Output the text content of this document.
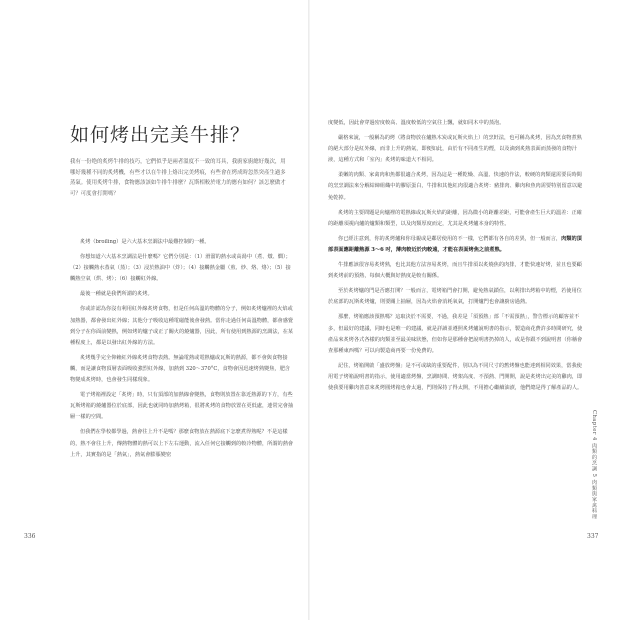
如何烤出完美牛排？
我有一份绝的炙烤牛排的技巧，它們似乎是兩者溫度不一致的耳具，我廚家廚總好幾次，用哪好幾種不同的炙烤機，有些才以在牛排上烙出完美烤痕，有些會在烤成時忽然突產生過多蒸氣。使用炙烤牛排，食物應該該如牛排牛排麼？瓦斯相較於電力的應有如何？該怎麼做才可？可度會打開嗎？

炙烤（broiling）是六大基本烹調法中最難控制的一種。

你想知道六大基本烹調法是什麼嗎？它們分別是：（1）滑溜的熱水或高湯中（煮、燉、燜）；（2）接觸熱水蒸氣（蒸）；（3）浸於熱油中（炸）；（4）接觸熱金屬（煎、炒、烙、烙）；（5）接觸熱空氣（烘、烤）；（6）接觸紅外線。

最後一種就是我們所謂的炙烤。

你或許認為你沒有利用紅外線炙烤食物，但是任何高溫的物體的分子，例如炙烤爐裡的火焰或加熱器，都會發出紅外線；其他分子吸收這種電磁能後會發熱。當你走過任何高溫物體，都會感覺到分子在你面前變熱，例如烤的爐子或正了關火的燒爐器，因此，所有使用到熱源的烹調法，在某種程度上，都是以發出紅外線的方法。

炙烤幾乎完全仰賴紅外線炙烤食物表熱。無論電熱或電熱爐或瓦斯的熱源，都不會與食物接觸，而是讓食物頂層表面吸收強烈紅外線，加熱到 320～370°C，食物會因迅速烤熟變焦，肥含物變成炙烤時，也會發生同樣現象。

電子烤箱裡設定「炙烤」時，只有頂部的加熱線會變熱，食物則放置在靠近熱源的下方，有些瓦斯烤箱的燒爐器位於底部，因此也就同時加熱烤箱，很將炙烤的食物放置在更低處，連常完會抽屜一樣的空間。

但我們在學校都學過，熱會往上升不是嗎？那麼食物放在熱源底下怎麼煮得熟呢？不是這樣的，熱不會往上升，傳熱物體的熱可以上下左右運動，流入任何它接觸到的較冷物體，所謂的熱會上升，其實指的是「熱氣」，熱氣會膨脹變密

336

度變低，因此會穿過密度較高、溫度較低的空氣往上飄，就如同木中的蒸泡。

嚴格來說，一般稱為的烤（將食物放在爐熱木炭或瓦斯火焰上）的烹飪法，也可稱為炙烤，因為烹食物煮熟的絕大部分是紅外線，而非上升的熱氣，即便如此，由於有不同產生的煙，以及滴到炙熱表面而蒸發的食物汁液，這種方式和「室內」炙烤的味道大不相同。

柔嫩的肉類、家禽肉和魚都很適合炙烤，因為這是一種乾燥、高溫、快速的作法，較硬的肉類還需要長時間的烹烹調法來分解結締組織中的膠原蛋白，牛排和其他紅肉很適合炙烤：豬排肉、雞肉和魚肉需要特別留意以避免乾掉。

炙烤的主要問題是向爐裡的電熱線或瓦斯火焰的距離，因為微小的距離差距，可能會產生巨大的溫差：正確的距離須視向爐的爐類和類型，以及肉類厚度而定，尤其是炙烤爐本身的特性。

你已經注意到，你的炙烤爐和你母親或是鄰居使用的不一樣，它們都有各自的差異，但一般而言，肉類的頂部表面應距離熱源 3～6 吋，薄肉較近於肉較遠，才能在表面烤焦之前煮熟。

牛排應該很容易炙烤熟，也比其他方法容易炙烤，而且牛排須以炙燒焦的肉排，才能快速好烤，並且也要顧到炙烤前的預熱，每個大概與好熱度是較有關係。

至於炙烤爐的門是否應打開？一般而言，電烤箱門會打開，避免熱氣鎖住，以利排出烤箱中的煙，若使用位於底部的瓦斯炙烤爐，則要關上抽屜，因為火焰會消耗氧氣，打開爐門也會讓廚房過熱。

那麼，烤箱應該預熱嗎？這取決於不需要，不過，我差是「須預熱」部「不需預熱」，警告標示的顧客並不多，但最好的建議，同時也是唯一的建議，就是詳讀並遵照炙烤爐說明書的指示，製造商花費許多時間研究，使產品來炙烤各式各樣的肉類並至最美味狀態，但如你是那種會把說明書扔掉的人，或是你跟不到說明書（你稱會查那種東西嗎？可以向製造商再要一份免費的。

記住，烤箱開啟「盛放烤盤」是不可或缺的重要配件，別以為不同尺寸的舊烤盤也能達到相同效果，當我使用電子烤箱說明書的指示，使用適當烤盤，烹調時間、烤架高度、不預熱、門開開，說是炙烤出完美的雞肉，即使我要用雞肉善意來炙烤圓烤箱也會太過，門則保持了得太開，不用擔心繼續油漬，他們總是得了解產品的人。

Chapter 4 肉類的烹調 5 肉類與家禽料理
337
